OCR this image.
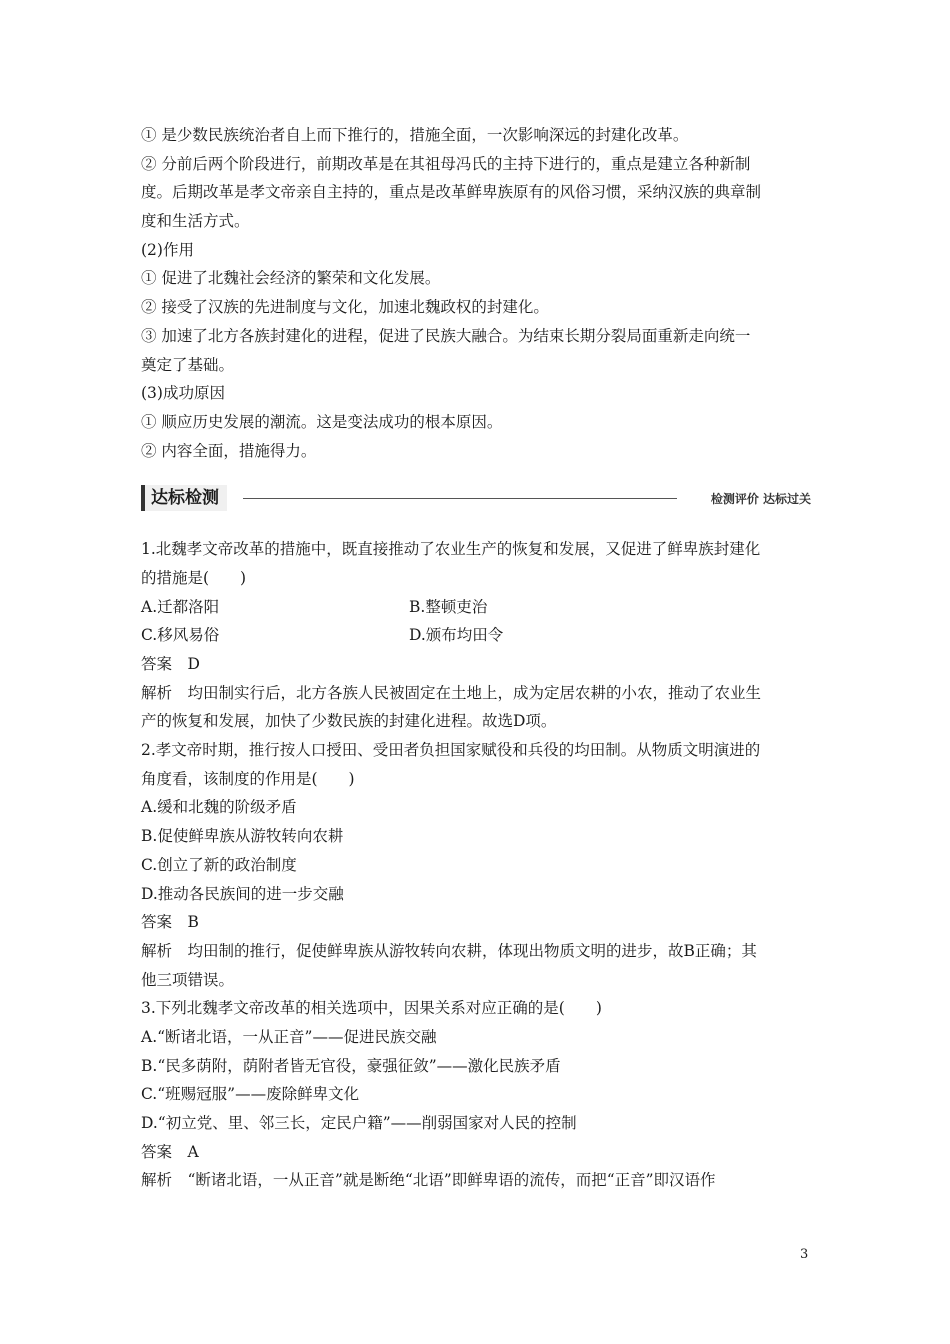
① 是少数民族统治者自上而下推行的，措施全面，一次影响深远的封建化改革。
② 分前后两个阶段进行，前期改革是在其祖母冯氏的主持下进行的，重点是建立各种新制
度。后期改革是孝文帝亲自主持的，重点是改革鲜卑族原有的风俗习惯，采纳汉族的典章制
度和生活方式。
(2)作用
① 促进了北魏社会经济的繁荣和文化发展。
② 接受了汉族的先进制度与文化，加速北魏政权的封建化。
③ 加速了北方各族封建化的进程，促进了民族大融合。为结束长期分裂局面重新走向统一
奠定了基础。
(3)成功原因
① 顺应历史发展的潮流。这是变法成功的根本原因。
② 内容全面，措施得力。
达标检测	检测评价 达标过关
1.北魏孝文帝改革的措施中，既直接推动了农业生产的恢复和发展，又促进了鲜卑族封建化
的措施是(　　)
A.迁都洛阳	B.整顿吏治
C.移风易俗	D.颁布均田令
答案　D
解析　均田制实行后，北方各族人民被固定在土地上，成为定居农耕的小农，推动了农业生
产的恢复和发展，加快了少数民族的封建化进程。故选D项。
2.孝文帝时期，推行按人口授田、受田者负担国家赋役和兵役的均田制。从物质文明演进的
角度看，该制度的作用是(　　)
A.缓和北魏的阶级矛盾
B.促使鲜卑族从游牧转向农耕
C.创立了新的政治制度
D.推动各民族间的进一步交融
答案　B
解析　均田制的推行，促使鲜卑族从游牧转向农耕，体现出物质文明的进步，故B正确；其
他三项错误。
3.下列北魏孝文帝改革的相关选项中，因果关系对应正确的是(　　)
A.“断诸北语，一从正音”——促进民族交融
B.“民多荫附，荫附者皆无官役，豪强征敛”——激化民族矛盾
C.“班赐冠服”——废除鲜卑文化
D.“初立党、里、邻三长，定民户籍”——削弱国家对人民的控制
答案　A
解析　“断诸北语，一从正音”就是断绝“北语”即鲜卑语的流传，而把“正音”即汉语作
3
